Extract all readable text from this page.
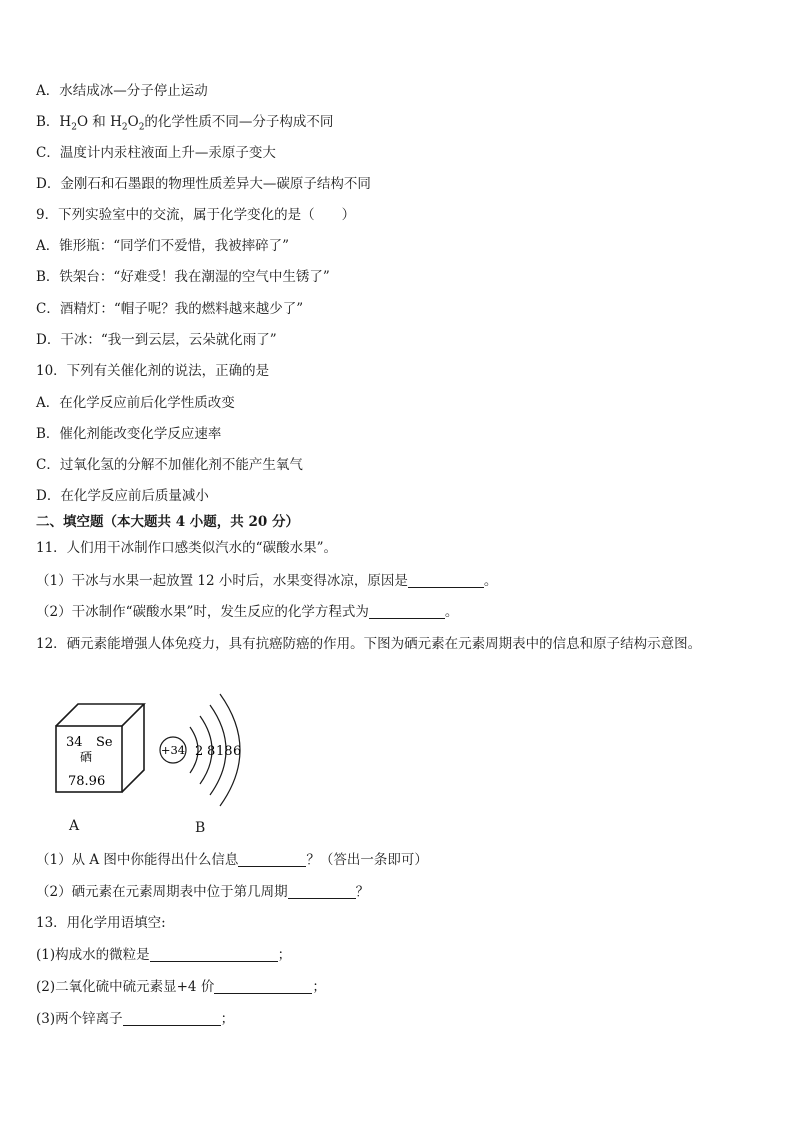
A．水结成冰—分子停止运动
B．$H_2O$ 和 $H_2O_2$的化学性质不同—分子构成不同
C．温度计内汞柱液面上升—汞原子变大
D．金刚石和石墨跟的物理性质差异大—碳原子结构不同
9．下列实验室中的交流，属于化学变化的是（　　）
A．锥形瓶：“同学们不爱惜，我被摔碎了”
B．铁架台：“好难受！我在潮湿的空气中生锈了”
C．酒精灯：“帽子呢？我的燃料越来越少了”
D．干冰：“我一到云层，云朵就化雨了”
10．下列有关催化剂的说法，正确的是
A．在化学反应前后化学性质改变
B．催化剂能改变化学反应速率
C．过氧化氢的分解不加催化剂不能产生氧气
D．在化学反应前后质量减小
二、填空题（本大题共 4 小题，共 20 分）
11．人们用干冰制作口感类似汽水的“碳酸水果”。
（1）干冰与水果一起放置 12 小时后，水果变得冰凉，原因是	。
（2）干冰制作“碳酸水果”时，发生反应的化学方程式为	。
12．硒元素能增强人体免疫力，具有抗癌防癌的作用。下图为硒元素在元素周期表中的信息和原子结构示意图。
34 Se
硒
78.96
+34 2 8 18 6
A	B
（1）从 A 图中你能得出什么信息	？（答出一条即可）
（2）硒元素在元素周期表中位于第几周期	？
13．用化学用语填空:
(1)构成水的微粒是	；
(2)二氧化硫中硫元素显+4 价	；
(3)两个锌离子	；
